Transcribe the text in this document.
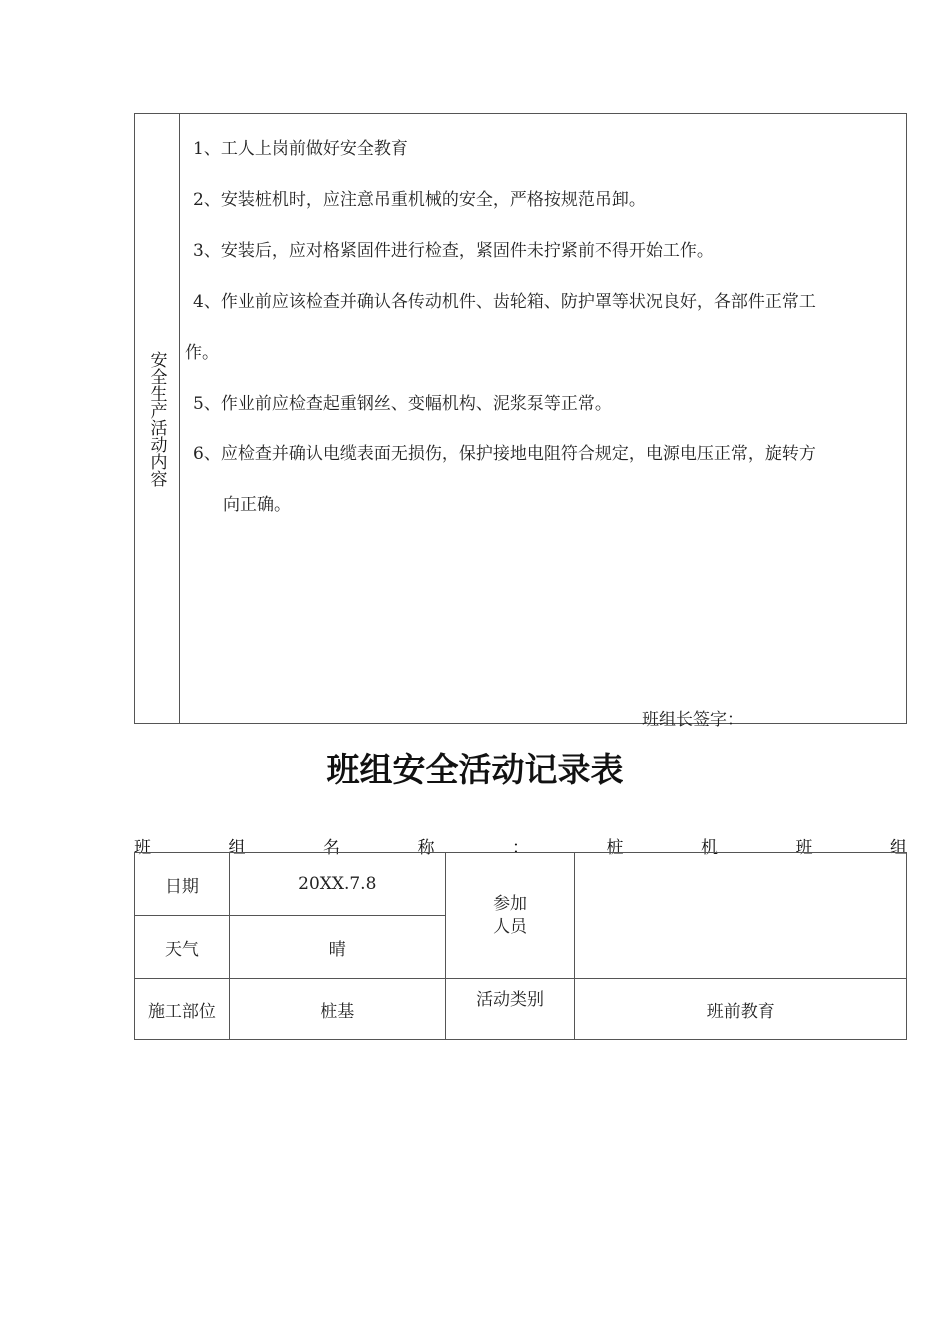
安全生产活动内容
1、工人上岗前做好安全教育
2、安装桩机时，应注意吊重机械的安全，严格按规范吊卸。
3、安装后，应对格紧固件进行检查，紧固件未拧紧前不得开始工作。
4、作业前应该检查并确认各传动机件、齿轮箱、防护罩等状况良好，各部件正常工
作。
5、作业前应检查起重钢丝、变幅机构、泥浆泵等正常。
6、应检查并确认电缆表面无损伤，保护接地电阻符合规定，电源电压正常，旋转方
向正确。
班组长签字：
班组安全活动记录表
班	组	名	称	：	桩	机	班	组
日期	20XX.7.8	参加
人员	
天气	晴		
施工部位	桩基	活动类别	班前教育
